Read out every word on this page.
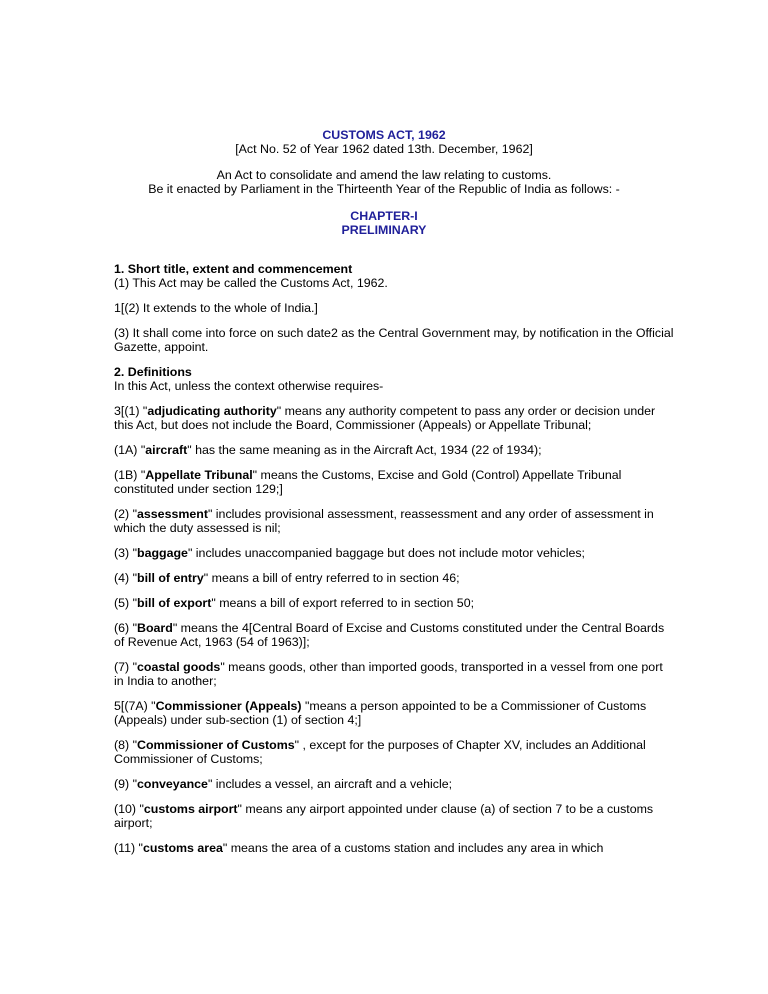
CUSTOMS ACT, 1962
[Act No. 52 of Year 1962 dated 13th. December, 1962]
An Act to consolidate and amend the law relating to customs.
Be it enacted by Parliament in the Thirteenth Year of the Republic of India as follows: -
CHAPTER-I
PRELIMINARY
1. Short title, extent and commencement

(1) This Act may be called the Customs Act, 1962.

1[(2) It extends to the whole of India.]

(3) It shall come into force on such date2 as the Central Government may, by notification in the Official Gazette, appoint.

2. Definitions

In this Act, unless the context otherwise requires-

3[(1) "adjudicating authority" means any authority competent to pass any order or decision under this Act, but does not include the Board, Commissioner (Appeals) or Appellate Tribunal;

(1A) "aircraft" has the same meaning as in the Aircraft Act, 1934 (22 of 1934);

(1B) "Appellate Tribunal" means the Customs, Excise and Gold (Control) Appellate Tribunal constituted under section 129;]

(2) "assessment" includes provisional assessment, reassessment and any order of assessment in which the duty assessed is nil;

(3) "baggage" includes unaccompanied baggage but does not include motor vehicles;

(4) "bill of entry" means a bill of entry referred to in section 46;

(5) "bill of export" means a bill of export referred to in section 50;

(6) "Board" means the 4[Central Board of Excise and Customs constituted under the Central Boards of Revenue Act, 1963 (54 of 1963)];

(7) "coastal goods" means goods, other than imported goods, transported in a vessel from one port in India to another;

5[(7A) "Commissioner (Appeals) "means a person appointed to be a Commissioner of Customs (Appeals) under sub-section (1) of section 4;]

(8) "Commissioner of Customs" , except for the purposes of Chapter XV, includes an Additional Commissioner of Customs;

(9) "conveyance" includes a vessel, an aircraft and a vehicle;

(10) "customs airport" means any airport appointed under clause (a) of section 7 to be a customs airport;

(11) "customs area" means the area of a customs station and includes any area in which
